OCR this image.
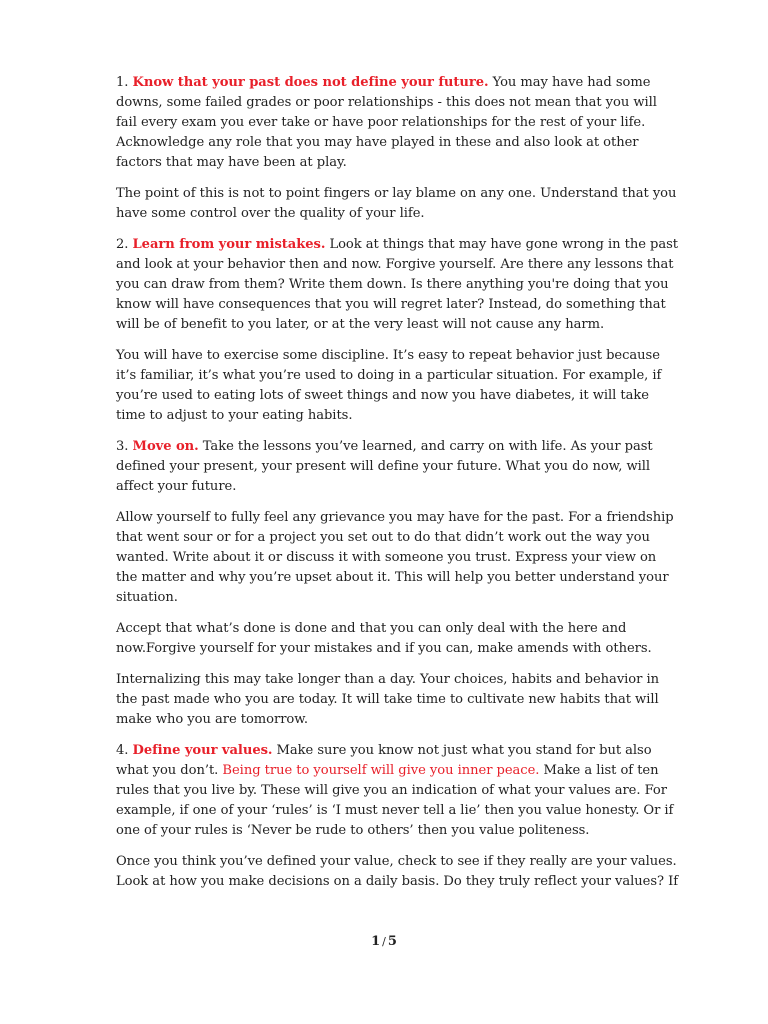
1. Know that your past does not define your future. You may have had some
downs, some failed grades or poor relationships - this does not mean that you will
fail every exam you ever take or have poor relationships for the rest of your life.
Acknowledge any role that you may have played in these and also look at other
factors that may have been at play.

The point of this is not to point fingers or lay blame on any one. Understand that you
have some control over the quality of your life.

2. Learn from your mistakes. Look at things that may have gone wrong in the past
and look at your behavior then and now. Forgive yourself. Are there any lessons that
you can draw from them? Write them down. Is there anything you're doing that you
know will have consequences that you will regret later? Instead, do something that
will be of benefit to you later, or at the very least will not cause any harm.

You will have to exercise some discipline. It’s easy to repeat behavior just because
it’s familiar, it’s what you’re used to doing in a particular situation. For example, if
you’re used to eating lots of sweet things and now you have diabetes, it will take
time to adjust to your eating habits.

3. Move on. Take the lessons you’ve learned, and carry on with life. As your past
defined your present, your present will define your future. What you do now, will
affect your future.

Allow yourself to fully feel any grievance you may have for the past. For a friendship
that went sour or for a project you set out to do that didn’t work out the way you
wanted. Write about it or discuss it with someone you trust. Express your view on
the matter and why you’re upset about it. This will help you better understand your
situation.

Accept that what’s done is done and that you can only deal with the here and
now.Forgive yourself for your mistakes and if you can, make amends with others.

Internalizing this may take longer than a day. Your choices, habits and behavior in
the past made who you are today. It will take time to cultivate new habits that will
make who you are tomorrow.

4. Define your values. Make sure you know not just what you stand for but also
what you don’t. Being true to yourself will give you inner peace. Make a list of ten
rules that you live by. These will give you an indication of what your values are. For
example, if one of your ‘rules’ is ‘I must never tell a lie’ then you value honesty. Or if
one of your rules is ‘Never be rude to others’ then you value politeness.

Once you think you’ve defined your value, check to see if they really are your values.
Look at how you make decisions on a daily basis. Do they truly reflect your values? If

1 / 5
